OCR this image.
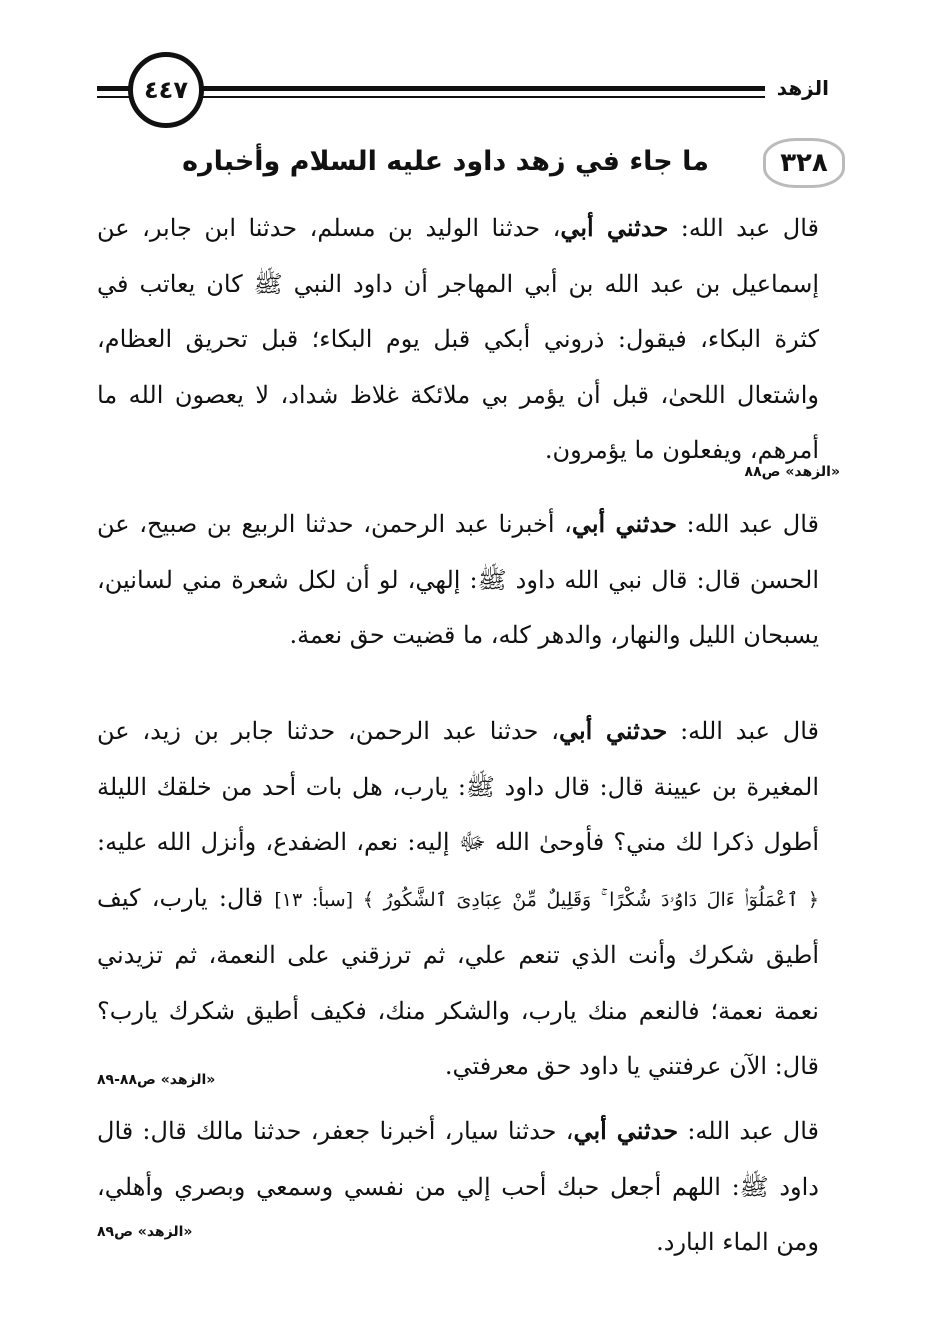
الزهد
٤٤٧
٣٢٨
ما جاء في زهد داود عليه السلام وأخباره

قال عبد الله: حدثني أبي، حدثنا الوليد بن مسلم، حدثنا ابن جابر، عن إسماعيل بن عبد الله بن أبي المهاجر أن داود النبي ﷺ كان يعاتب في كثرة البكاء، فيقول: ذروني أبكي قبل يوم البكاء؛ قبل تحريق العظام، واشتعال اللحىٰ، قبل أن يؤمر بي ملائكة غلاظ شداد، لا يعصون الله ما أمرهم، ويفعلون ما يؤمرون.

«الزهد» ص٨٨

قال عبد الله: حدثني أبي، أخبرنا عبد الرحمن، حدثنا الربيع بن صبيح، عن الحسن قال: قال نبي الله داود ﷺ: إلهي، لو أن لكل شعرة مني لسانين، يسبحان الليل والنهار، والدهر كله، ما قضيت حق نعمة.

قال عبد الله: حدثني أبي، حدثنا عبد الرحمن، حدثنا جابر بن زيد، عن المغيرة بن عيينة قال: قال داود ﷺ: يارب، هل بات أحد من خلقك الليلة أطول ذكرا لك مني؟ فأوحىٰ الله ﷻ إليه: نعم، الضفدع، وأنزل الله عليه: ﴿ ٱعْمَلُوٓا۟ ءَالَ دَاوُۥدَ شُكْرًا ۚ وَقَلِيلٌ مِّنْ عِبَادِىَ ٱلشَّكُورُ ﴾ [سبأ: ١٣] قال: يارب، كيف أطيق شكرك وأنت الذي تنعم علي، ثم ترزقني على النعمة، ثم تزيدني نعمة نعمة؛ فالنعم منك يارب، والشكر منك، فكيف أطيق شكرك يارب؟ قال: الآن عرفتني يا داود حق معرفتي.

«الزهد» ص٨٨-٨٩

قال عبد الله: حدثني أبي، حدثنا سيار، أخبرنا جعفر، حدثنا مالك قال: قال داود ﷺ: اللهم أجعل حبك أحب إلي من نفسي وسمعي وبصري وأهلي، ومن الماء البارد.

«الزهد» ص٨٩
